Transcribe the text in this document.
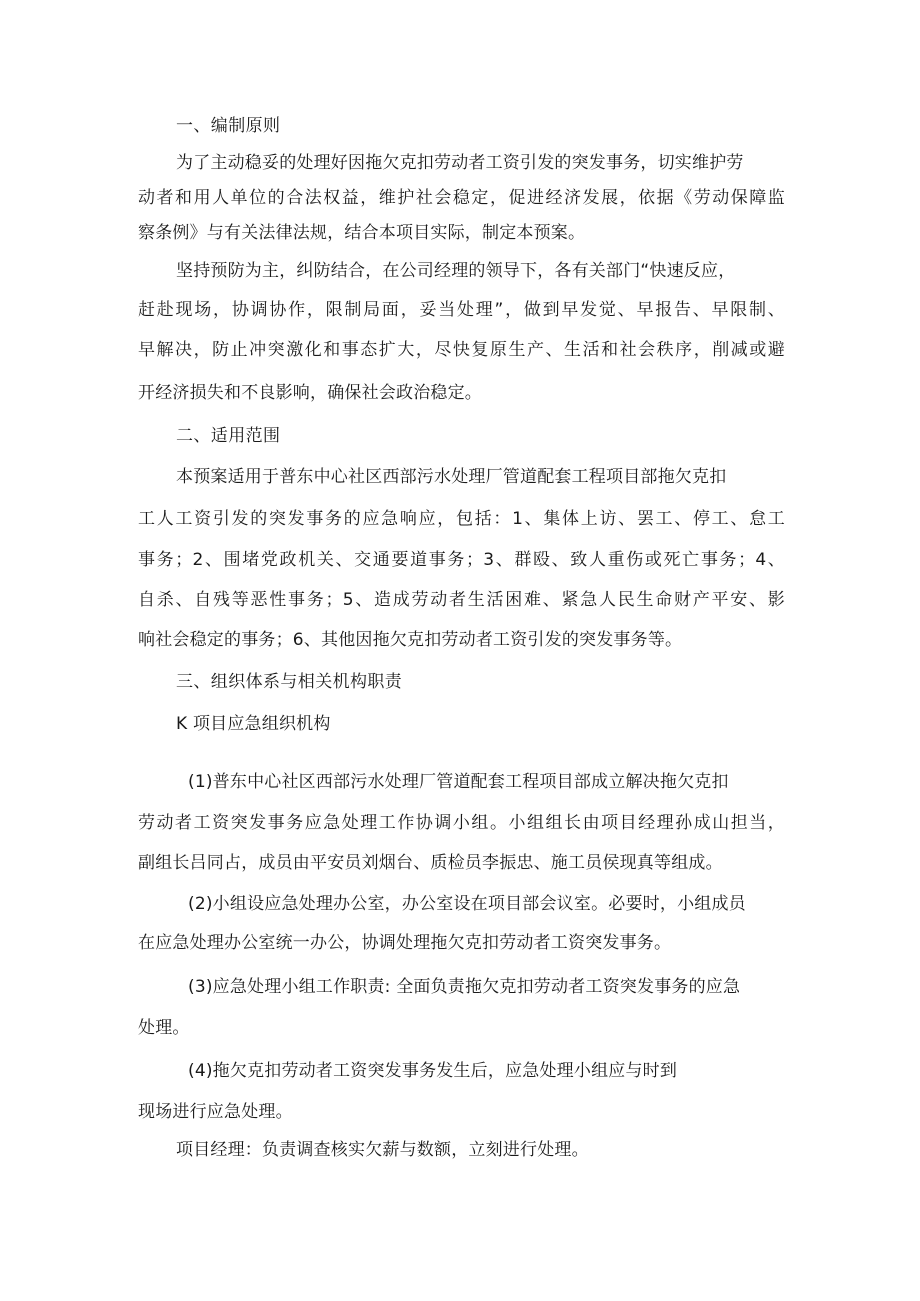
一、编制原则
为了主动稳妥的处理好因拖欠克扣劳动者工资引发的突发事务，切实维护劳
动者和用人单位的合法权益，维护社会稳定，促进经济发展，依据《劳动保障监
察条例》与有关法律法规，结合本项目实际，制定本预案。
坚持预防为主，纠防结合，在公司经理的领导下，各有关部门“快速反应，
赶赴现场，协调协作，限制局面，妥当处理”，做到早发觉、早报告、早限制、
早解决，防止冲突激化和事态扩大，尽快复原生产、生活和社会秩序，削减或避
开经济损失和不良影响，确保社会政治稳定。
二、适用范围
本预案适用于普东中心社区西部污水处理厂管道配套工程项目部拖欠克扣
工人工资引发的突发事务的应急响应，包括：1、集体上访、罢工、停工、怠工
事务；2、围堵党政机关、交通要道事务；3、群殴、致人重伤或死亡事务；4、
自杀、自残等恶性事务；5、造成劳动者生活困难、紧急人民生命财产平安、影
响社会稳定的事务；6、其他因拖欠克扣劳动者工资引发的突发事务等。
三、组织体系与相关机构职责
K 项目应急组织机构
(1)普东中心社区西部污水处理厂管道配套工程项目部成立解决拖欠克扣
劳动者工资突发事务应急处理工作协调小组。小组组长由项目经理孙成山担当，
副组长吕同占，成员由平安员刘烟台、质检员李振忠、施工员侯现真等组成。
(2)小组设应急处理办公室，办公室设在项目部会议室。必要时，小组成员
在应急处理办公室统一办公，协调处理拖欠克扣劳动者工资突发事务。
(3)应急处理小组工作职责: 全面负责拖欠克扣劳动者工资突发事务的应急
处理。
(4)拖欠克扣劳动者工资突发事务发生后，应急处理小组应与时到
现场进行应急处理。
项目经理：负责调查核实欠薪与数额，立刻进行处理。
